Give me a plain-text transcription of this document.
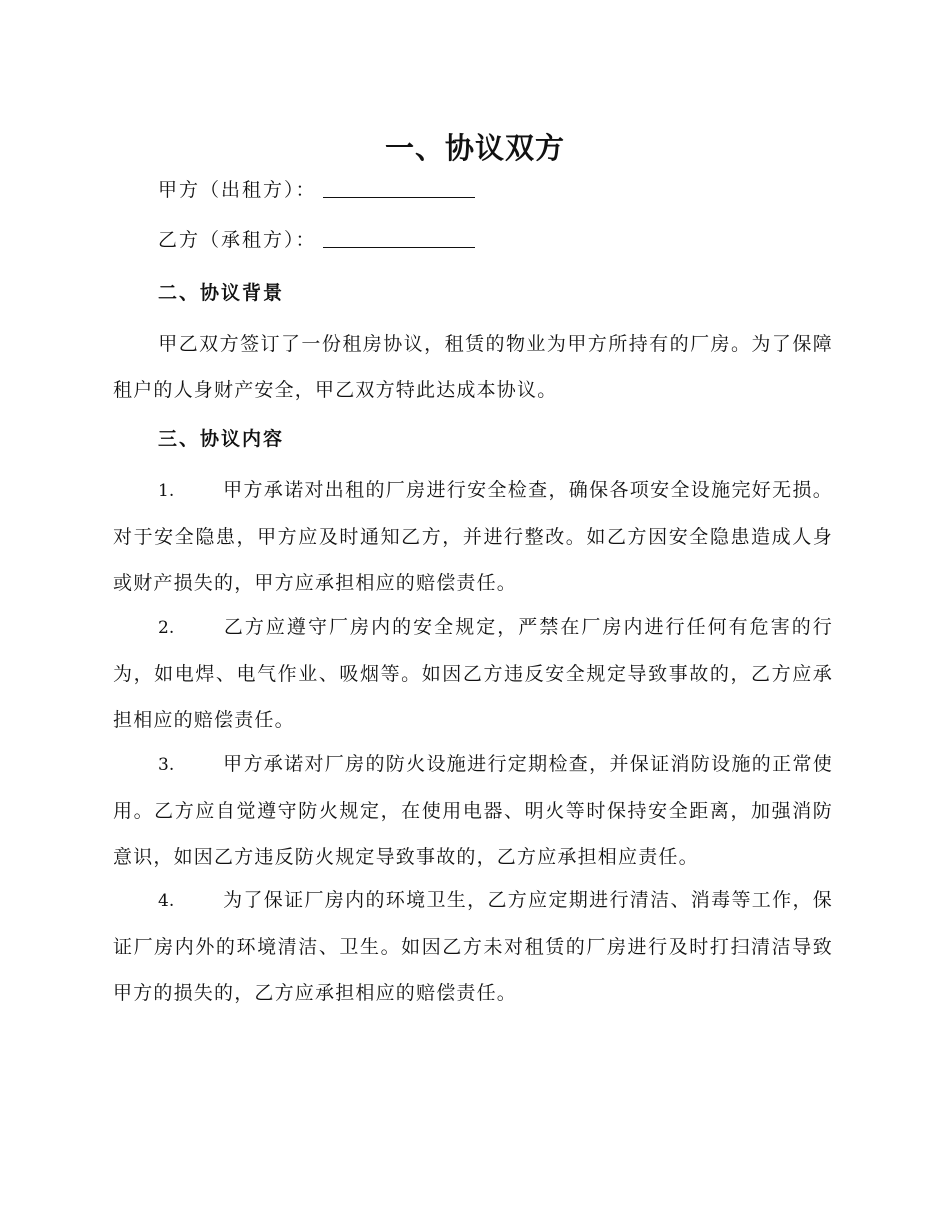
一、协议双方
甲方（出租方）：
乙方（承租方）：
二、协议背景
甲乙双方签订了一份租房协议，租赁的物业为甲方所持有的厂房。为了保障租户的人身财产安全，甲乙双方特此达成本协议。
三、协议内容
1.	甲方承诺对出租的厂房进行安全检查，确保各项安全设施完好无损。对于安全隐患，甲方应及时通知乙方，并进行整改。如乙方因安全隐患造成人身或财产损失的，甲方应承担相应的赔偿责任。
2.	乙方应遵守厂房内的安全规定，严禁在厂房内进行任何有危害的行为，如电焊、电气作业、吸烟等。如因乙方违反安全规定导致事故的，乙方应承担相应的赔偿责任。
3.	甲方承诺对厂房的防火设施进行定期检查，并保证消防设施的正常使用。乙方应自觉遵守防火规定，在使用电器、明火等时保持安全距离，加强消防意识，如因乙方违反防火规定导致事故的，乙方应承担相应责任。
4.	为了保证厂房内的环境卫生，乙方应定期进行清洁、消毒等工作，保证厂房内外的环境清洁、卫生。如因乙方未对租赁的厂房进行及时打扫清洁导致甲方的损失的，乙方应承担相应的赔偿责任。
